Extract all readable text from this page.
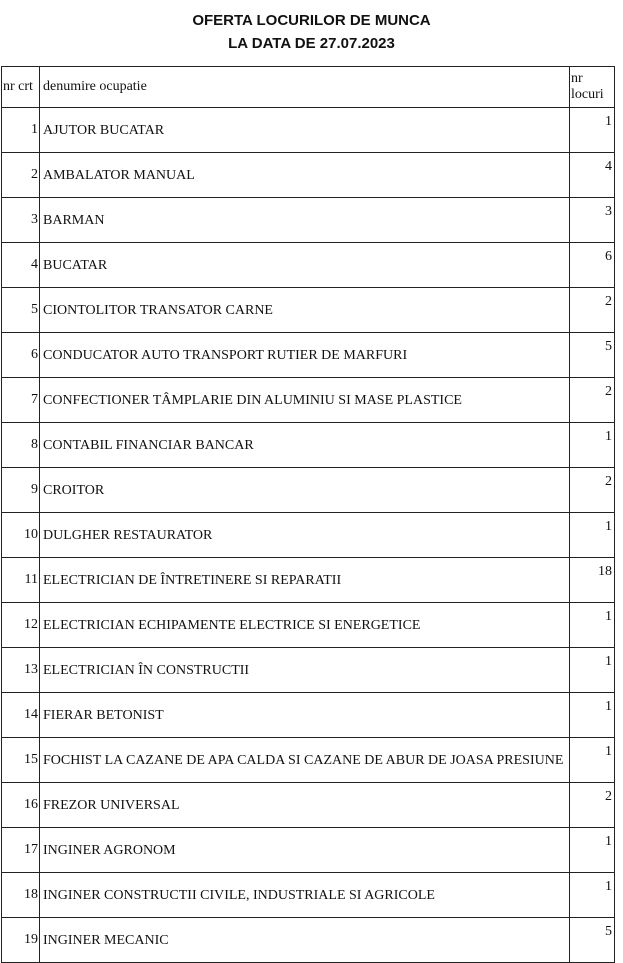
OFERTA LOCURILOR DE MUNCA
LA DATA DE 27.07.2023
nr crt	denumire ocupatie	nr locuri
1	AJUTOR BUCATAR	1
2	AMBALATOR MANUAL	4
3	BARMAN	3
4	BUCATAR	6
5	CIONTOLITOR TRANSATOR CARNE	2
6	CONDUCATOR AUTO TRANSPORT RUTIER DE MARFURI	5
7	CONFECTIONER TÂMPLARIE DIN ALUMINIU SI MASE PLASTICE	2
8	CONTABIL FINANCIAR BANCAR	1
9	CROITOR	2
10	DULGHER RESTAURATOR	1
11	ELECTRICIAN DE ÎNTRETINERE SI REPARATII	18
12	ELECTRICIAN ECHIPAMENTE ELECTRICE SI ENERGETICE	1
13	ELECTRICIAN ÎN CONSTRUCTII	1
14	FIERAR BETONIST	1
15	FOCHIST LA CAZANE DE APA CALDA SI CAZANE DE ABUR DE JOASA PRESIUNE	1
16	FREZOR UNIVERSAL	2
17	INGINER AGRONOM	1
18	INGINER CONSTRUCTII CIVILE, INDUSTRIALE SI AGRICOLE	1
19	INGINER MECANIC	5
